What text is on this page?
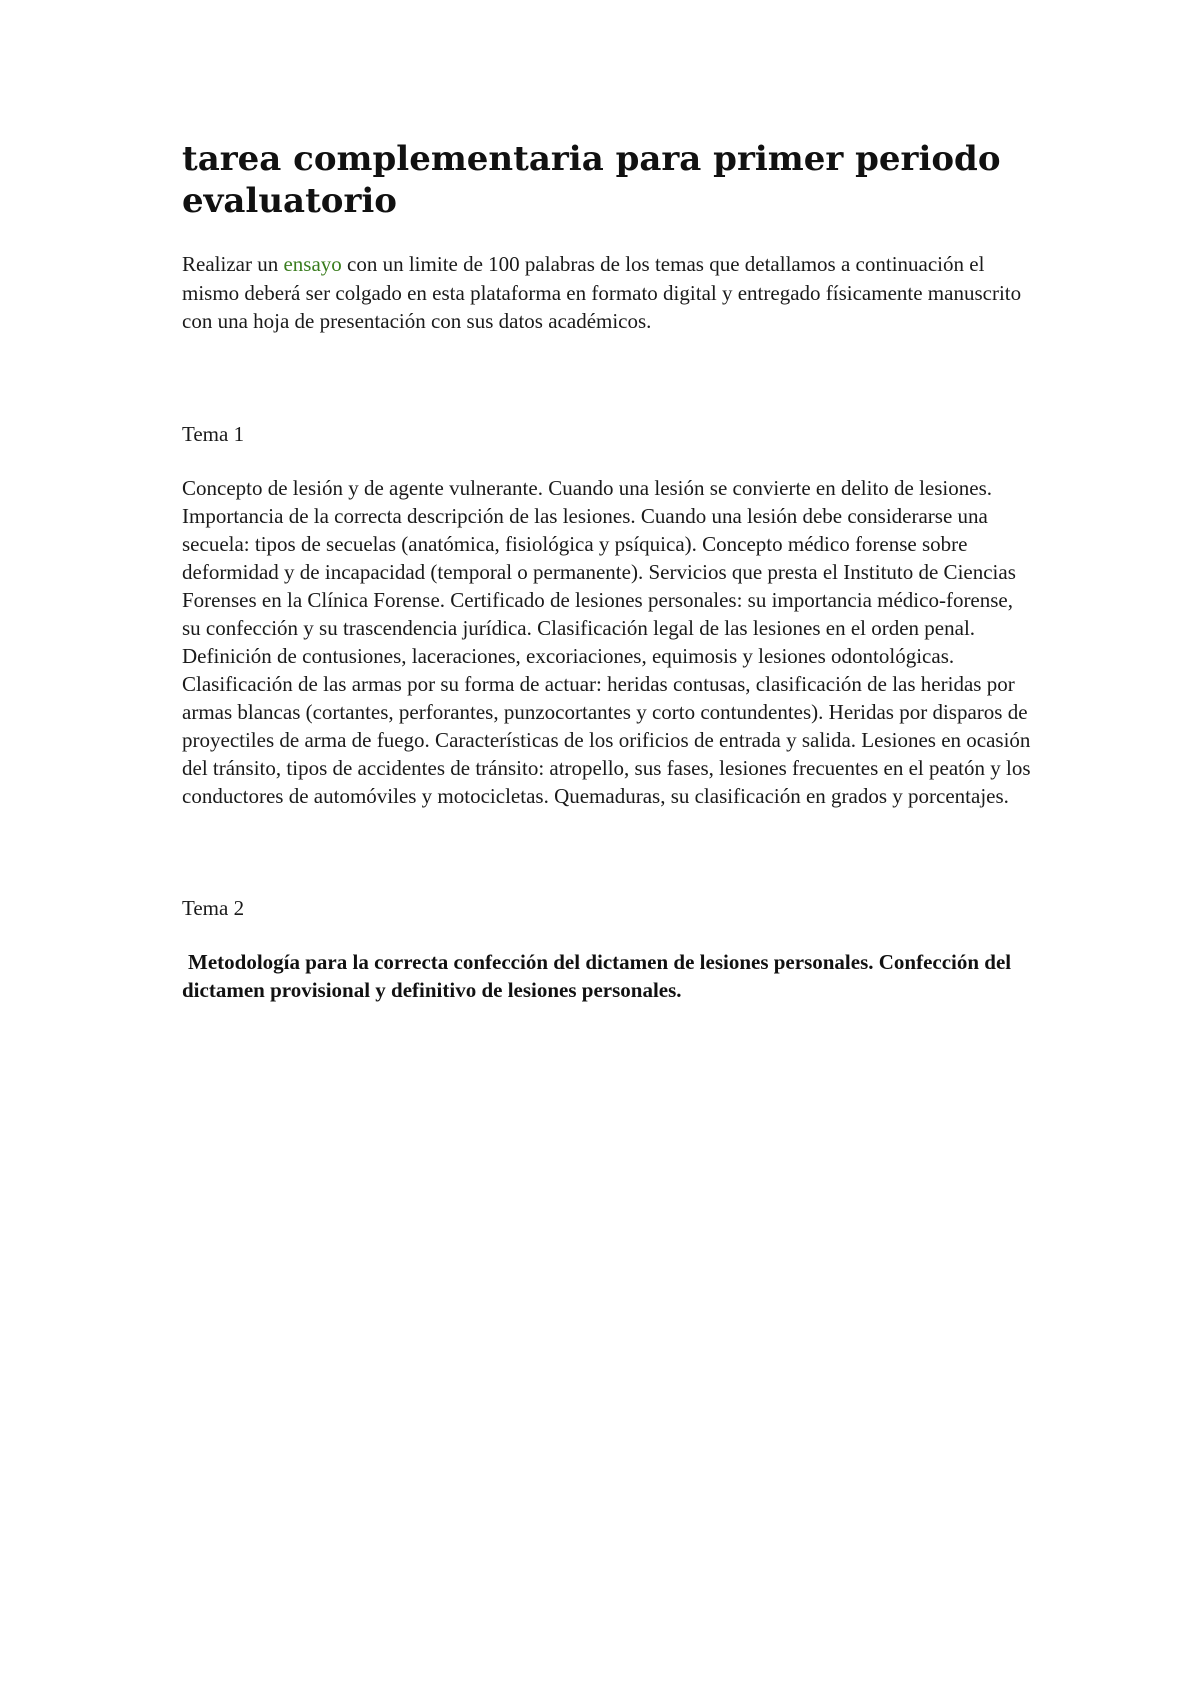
tarea complementaria para primer periodo evaluatorio

Realizar un ensayo con un limite de 100 palabras de los temas que detallamos a continuación el mismo deberá ser colgado en esta plataforma en formato digital y entregado físicamente manuscrito con una hoja de presentación con sus datos académicos.

Tema 1

Concepto de lesión y de agente vulnerante. Cuando una lesión se convierte en delito de lesiones. Importancia de la correcta descripción de las lesiones. Cuando una lesión debe considerarse una secuela: tipos de secuelas (anatómica, fisiológica y psíquica). Concepto médico forense sobre deformidad y de incapacidad (temporal o permanente). Servicios que presta el Instituto de Ciencias Forenses en la Clínica Forense. Certificado de lesiones personales: su importancia médico-forense, su confección y su trascendencia jurídica. Clasificación legal de las lesiones en el orden penal. Definición de contusiones, laceraciones, excoriaciones, equimosis y lesiones odontológicas. Clasificación de las armas por su forma de actuar: heridas contusas, clasificación de las heridas por armas blancas (cortantes, perforantes, punzocortantes y corto contundentes). Heridas por disparos de proyectiles de arma de fuego. Características de los orificios de entrada y salida. Lesiones en ocasión del tránsito, tipos de accidentes de tránsito: atropello, sus fases, lesiones frecuentes en el peatón y los conductores de automóviles y motocicletas. Quemaduras, su clasificación en grados y porcentajes.

Tema 2

Metodología para la correcta confección del dictamen de lesiones personales. Confección del dictamen provisional y definitivo de lesiones personales.
